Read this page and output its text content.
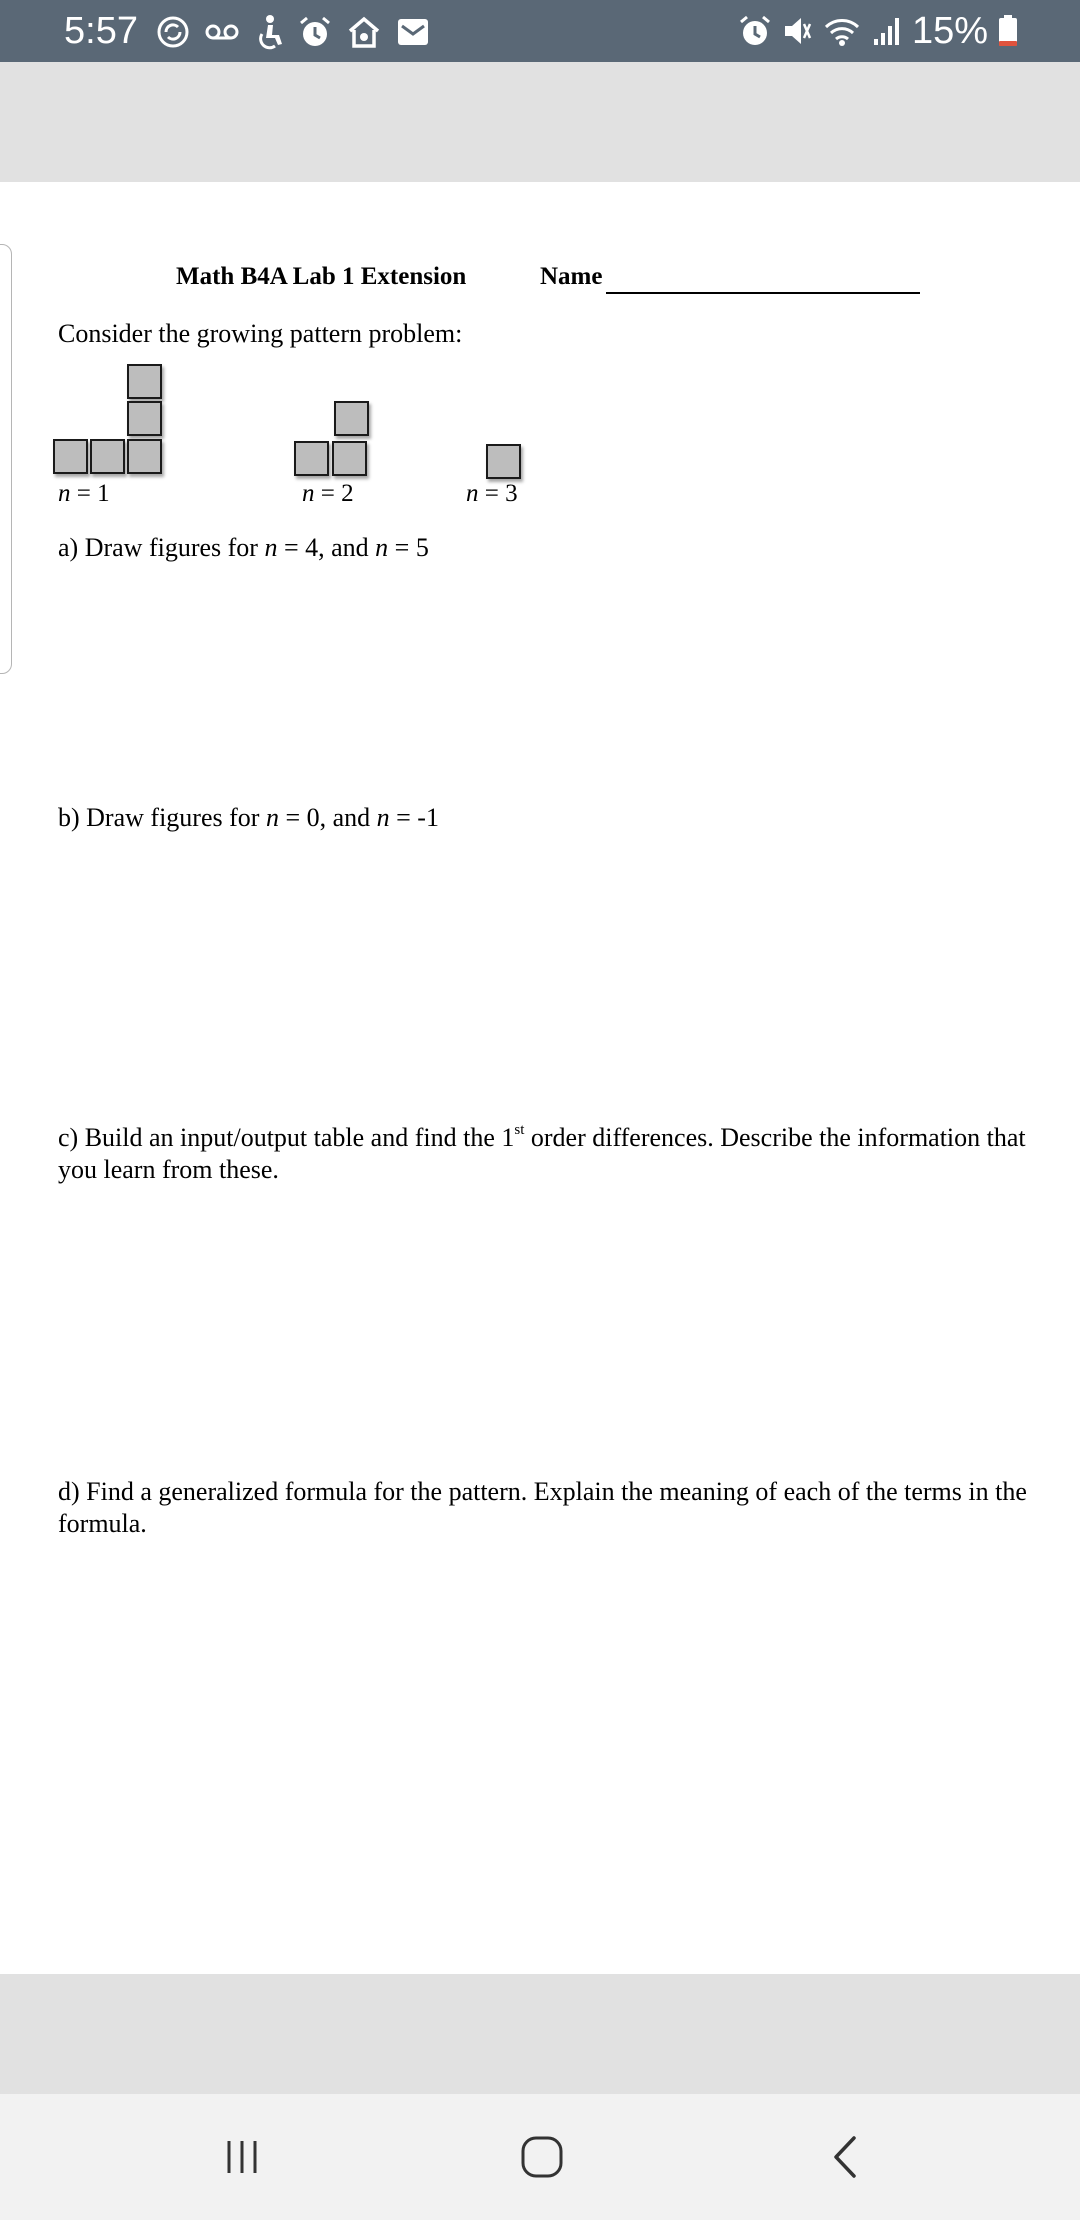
5:57	15%
Math B4A Lab 1 Extension	Name
Consider the growing pattern problem:
n = 1	n = 2	n = 3
a) Draw figures for n = 4, and n = 5
b) Draw figures for n = 0, and n = -1
c) Build an input/output table and find the 1st order differences. Describe the information that you learn from these.
d) Find a generalized formula for the pattern. Explain the meaning of each of the terms in the formula.
